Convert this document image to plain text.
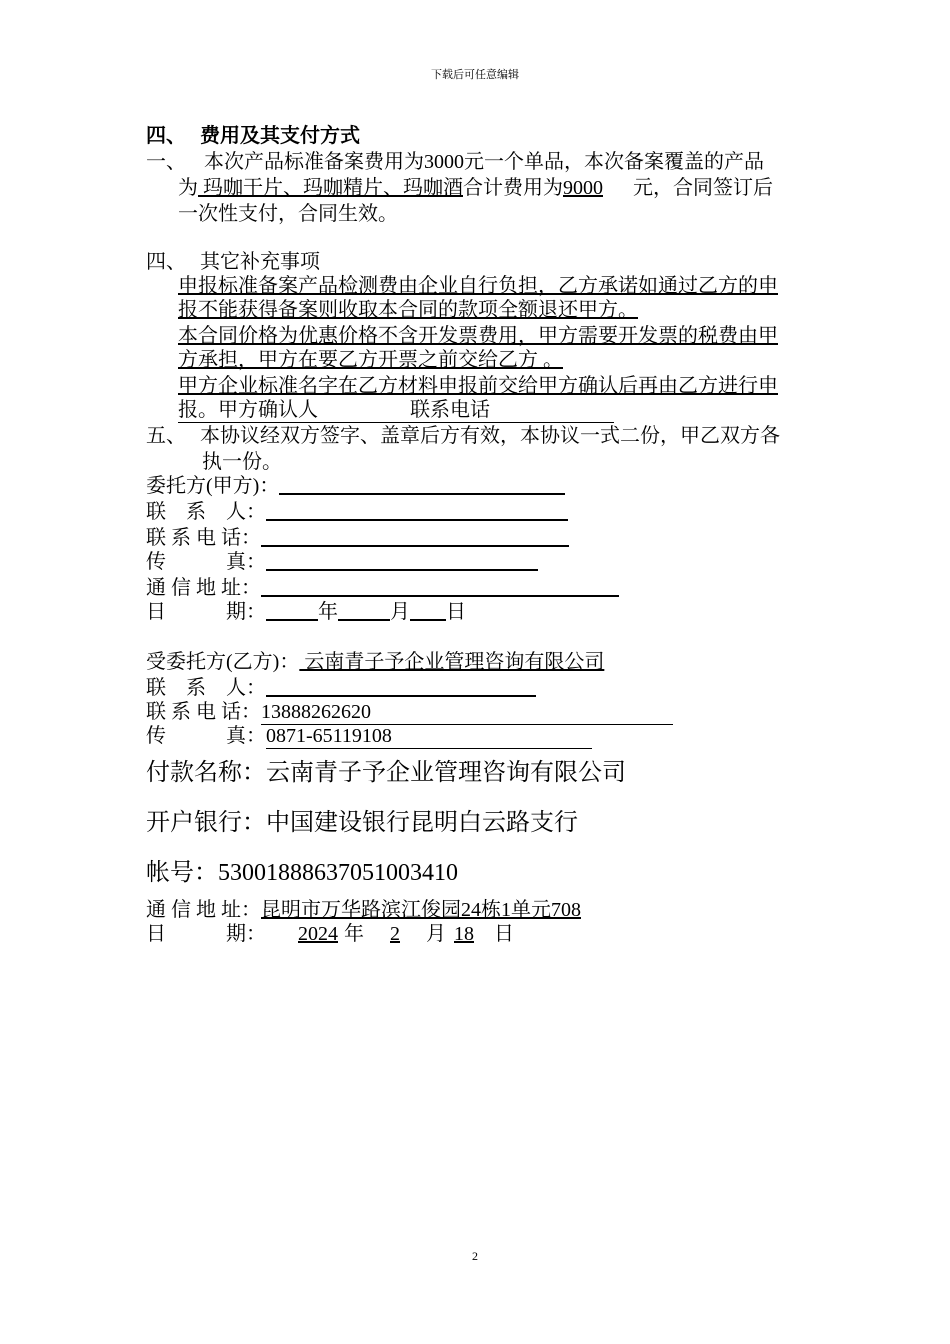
下载后可任意编辑
四、 费用及其支付方式
一、 本次产品标准备案费用为3000元一个单品，本次备案覆盖的产品
为 玛咖干片、玛咖精片、玛咖酒合计费用为9000 元，合同签订后
一次性支付，合同生效。
四、 其它补充事项
申报标准备案产品检测费由企业自行负担，乙方承诺如通过乙方的申
报不能获得备案则收取本合同的款项全额退还甲方。
本合同价格为优惠价格不含开发票费用，甲方需要开发票的税费由甲
方承担，甲方在要乙方开票之前交给乙方 。
甲方企业标准名字在乙方材料申报前交给甲方确认后再由乙方进行申
报。甲方确认人	联系电话
五、 本协议经双方签字、盖章后方有效，本协议一式二份，甲乙双方各
执一份。
委托方(甲方)：
联　系　人：
联 系 电 话：
传　　　真：
通 信 地 址：
日　　　期：	年	月 日
受委托方(乙方)： 云南青子予企业管理咨询有限公司
联　系　人：
联 系 电 话：13888262620
传　　　真：0871-65119108
付款名称：云南青子予企业管理咨询有限公司
开户银行：中国建设银行昆明白云路支行
帐号：53001888637051003410
通 信 地 址：昆明市万华路滨江俊园24栋1单元708
日　　　期： 2024 年 2 月 18 日
2
